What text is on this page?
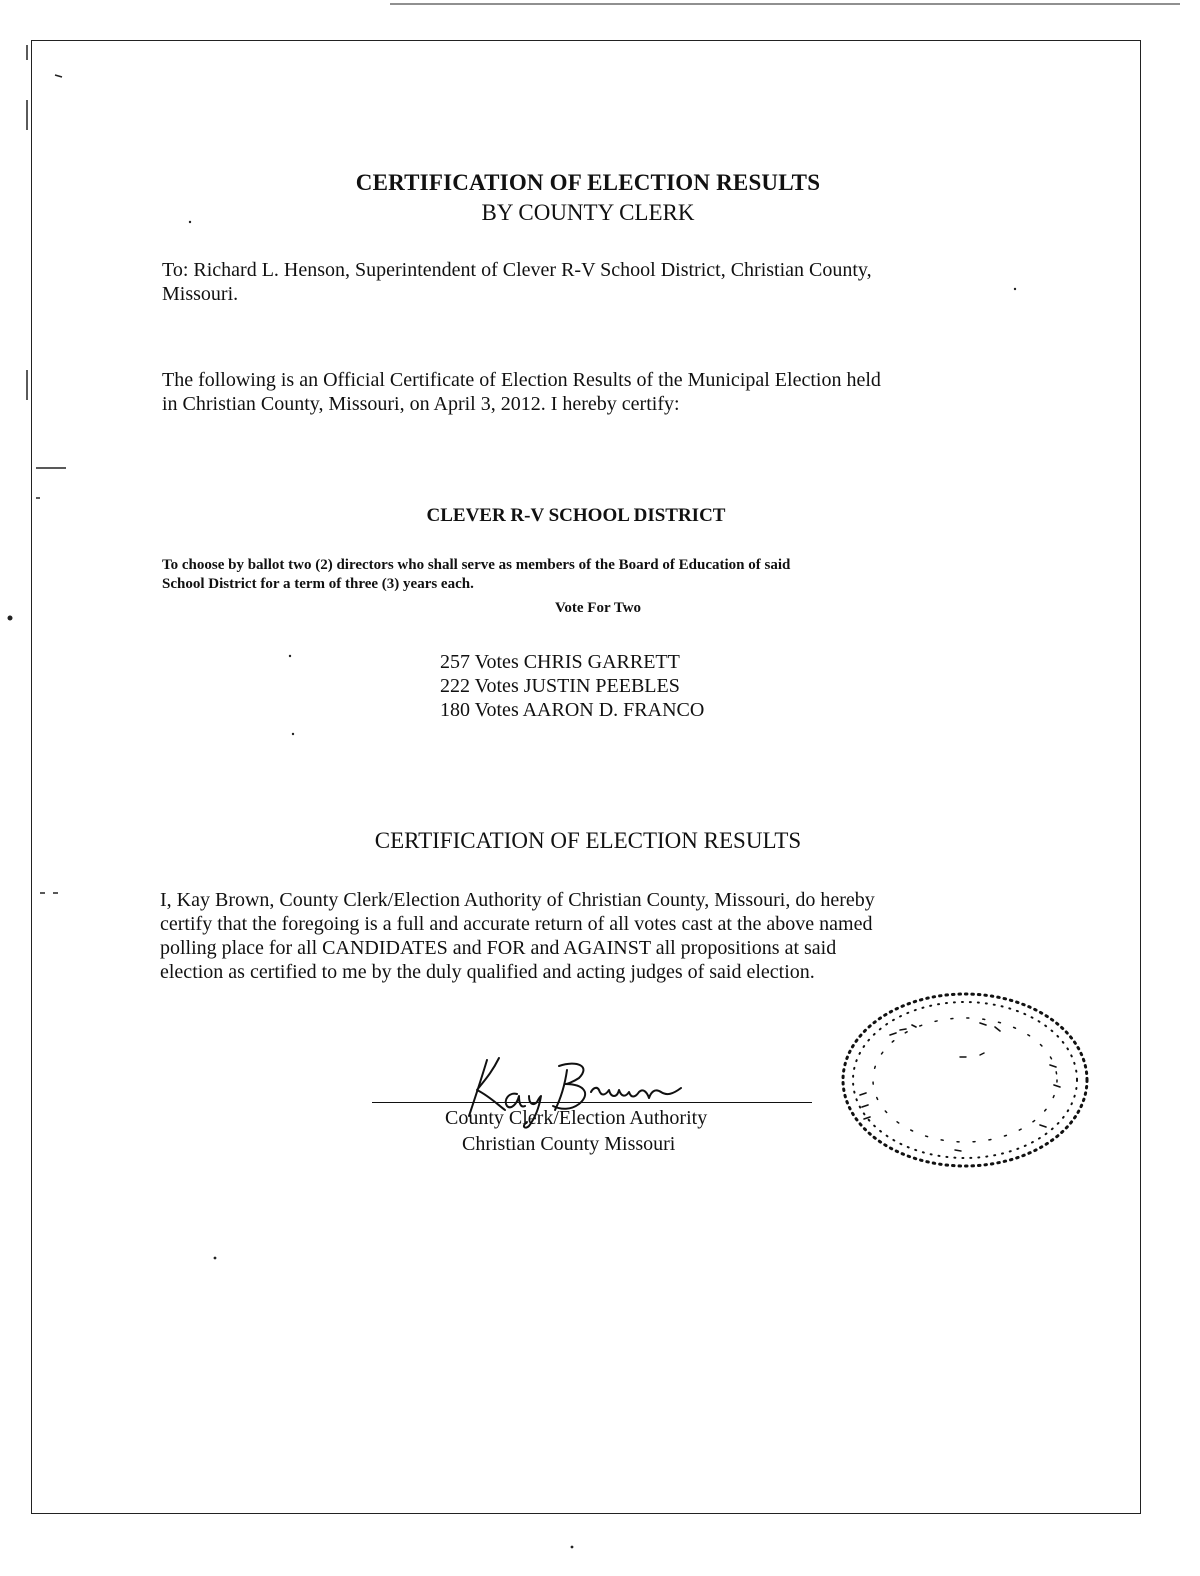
CERTIFICATION OF ELECTION RESULTS
BY COUNTY CLERK
To: Richard L. Henson, Superintendent of Clever R-V School District, Christian County,
Missouri.
The following is an Official Certificate of Election Results of the Municipal Election held
in Christian County, Missouri, on April 3, 2012. I hereby certify:
CLEVER R-V SCHOOL DISTRICT
To choose by ballot two (2) directors who shall serve as members of the Board of Education of said
School District for a term of three (3) years each.
Vote For Two
257 Votes CHRIS GARRETT
222 Votes JUSTIN PEEBLES
180 Votes AARON D. FRANCO
CERTIFICATION OF ELECTION RESULTS
I, Kay Brown, County Clerk/Election Authority of Christian County, Missouri, do hereby
certify that the foregoing is a full and accurate return of all votes cast at the above named
polling place for all CANDIDATES and FOR and AGAINST all propositions at said
election as certified to me by the duly qualified and acting judges of said election.
County Clerk/Election Authority
Christian County Missouri
